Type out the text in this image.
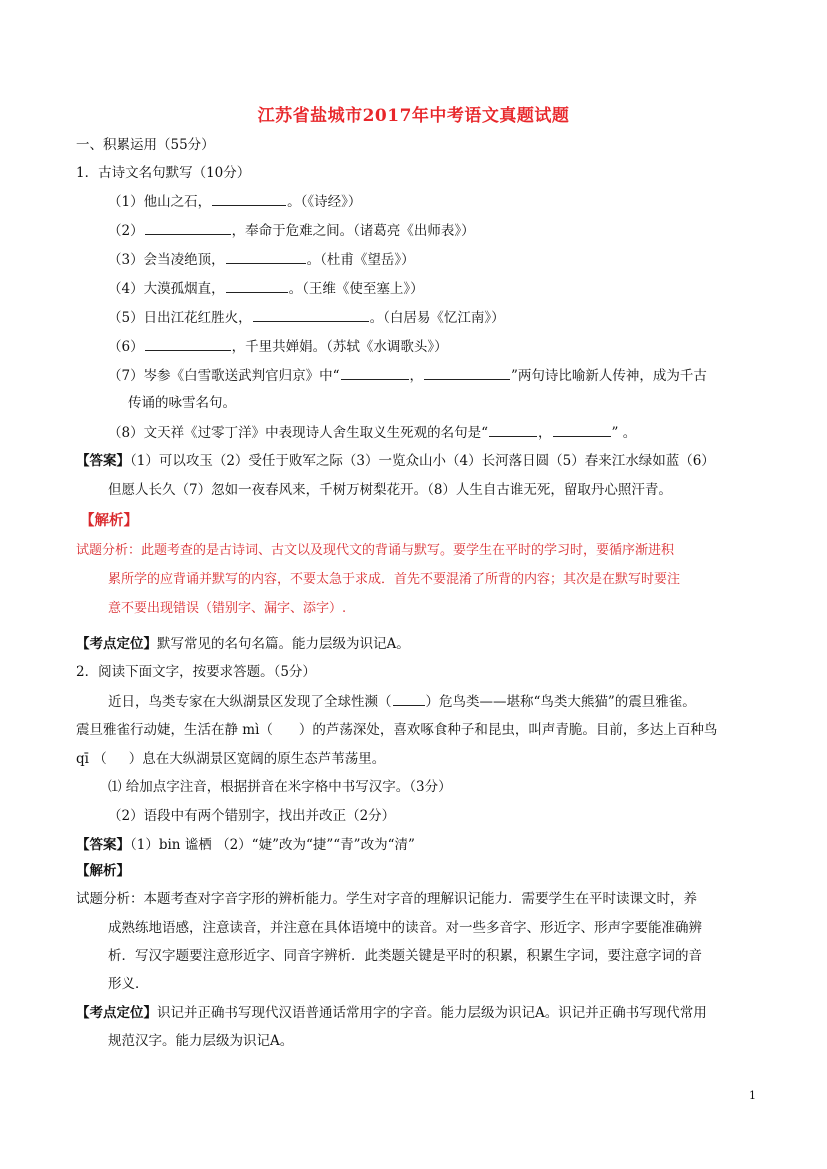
江苏省盐城市2017年中考语文真题试题
一、积累运用（55分）
1．古诗文名句默写（10分）
（1）他山之石，	。（《诗经》）
（2）	，奉命于危难之间。（诸葛亮《出师表》）
（3）会当凌绝顶，	。（杜甫《望岳》）
（4）大漠孤烟直，	。（王维《使至塞上》）
（5）日出江花红胜火，	。（白居易《忆江南》）
（6）	，千里共婵娟。（苏轼《水调歌头》）
（7）岑参《白雪歌送武判官归京》中“	，	”两句诗比喻新人传神，成为千古
传诵的咏雪名句。
（8）文天祥《过零丁洋》中表现诗人舍生取义生死观的名句是“	，	” 。
【答案】（1）可以攻玉（2）受任于败军之际（3）一览众山小（4）长河落日圆（5）春来江水绿如蓝（6）
但愿人长久（7）忽如一夜春风来，千树万树梨花开。（8）人生自古谁无死，留取丹心照汗青。
【解析】
试题分析：此题考查的是古诗词、古文以及现代文的背诵与默写。要学生在平时的学习时，要循序渐进积
累所学的应背诵并默写的内容，不要太急于求成．首先不要混淆了所背的内容；其次是在默写时要注
意不要出现错误（错别字、漏字、添字）.
【考点定位】默写常见的名句名篇。能力层级为识记A。
2．阅读下面文字，按要求答题。（5分）
近日，鸟类专家在大纵湖景区发现了全球性濒（	）危鸟类——堪称“鸟类大熊猫”的震旦雅雀。
震旦雅雀行动婕，生活在静 mì（ ）的芦荡深处，喜欢啄食种子和昆虫，叫声青脆。目前，多达上百种鸟
qī （ ）息在大纵湖景区宽阔的原生态芦苇荡里。
⑴ 给加点字注音，根据拼音在米字格中书写汉字。（3分）
（2）语段中有两个错别字，找出并改正（2分）
【答案】（1）bin 谧栖 （2）“婕”改为“捷”“青”改为“清”
【解析】
试题分析：本题考查对字音字形的辨析能力。学生对字音的理解识记能力．需要学生在平时读课文时，养
成熟练地语感，注意读音，并注意在具体语境中的读音。对一些多音字、形近字、形声字要能准确辨
析．写汉字题要注意形近字、同音字辨析．此类题关键是平时的积累，积累生字词，要注意字词的音
形义．
【考点定位】识记并正确书写现代汉语普通话常用字的字音。能力层级为识记A。识记并正确书写现代常用
规范汉字。能力层级为识记A。
1
